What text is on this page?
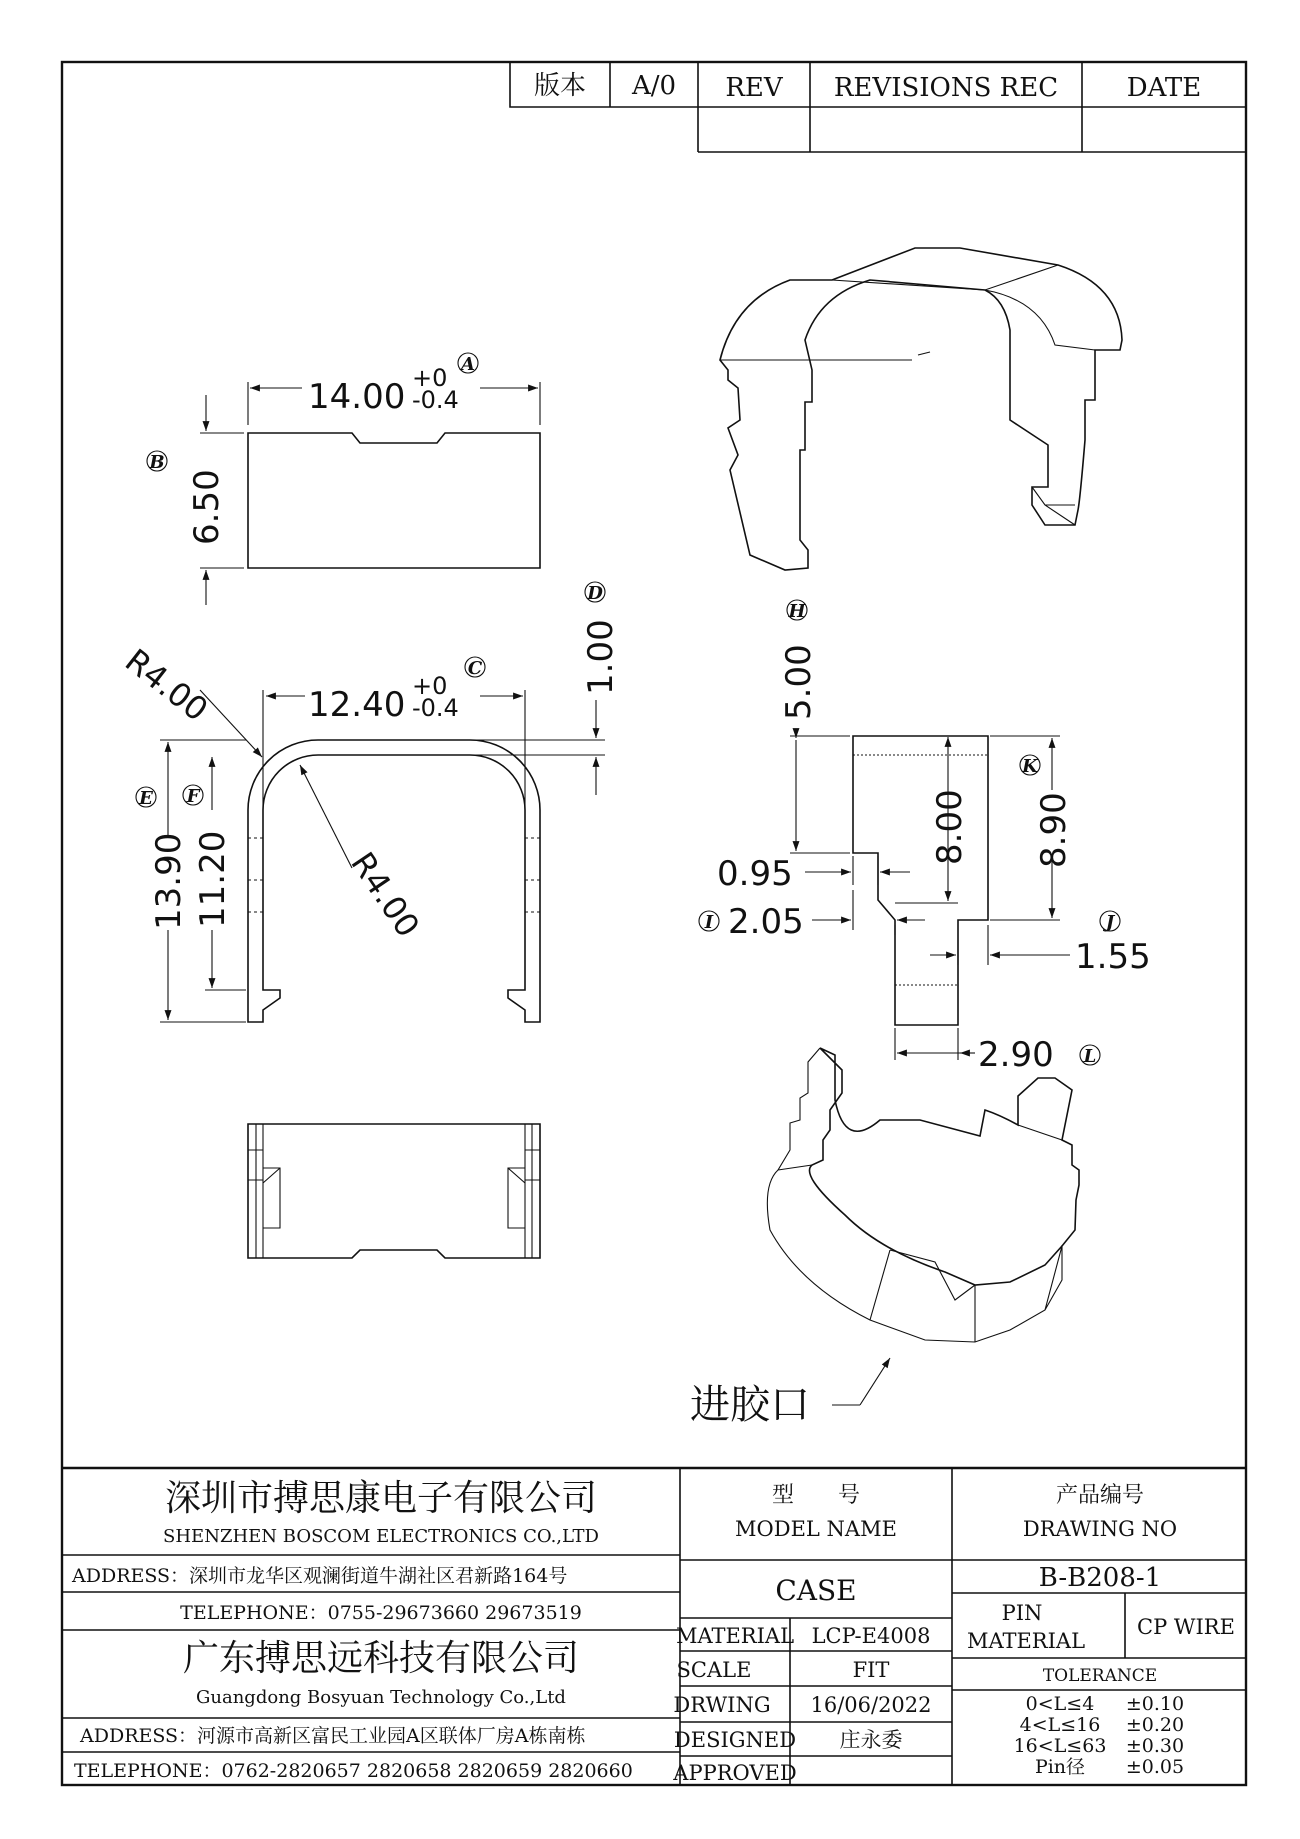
版本 A/0 REV REVISIONS REC	DATE
14.00 +0
-0.4
A
6.50
B
12.40 +0
-0.4
C	1.00
D
R4.00
R4.00
13.90
E
11.20
F
5.00
H
8.00 8.90
K
0.95
2.05
I
1.55
J
2.90 L
进胶口
深圳市搏思康电子有限公司
SHENZHEN BOSCOM ELECTRONICS CO.,LTD
ADDRESS：深圳市龙华区观澜街道牛湖社区君新路164号
TELEPHONE：0755-29673660 29673519
广东搏思远科技有限公司
Guangdong Bosyuan Technology Co.,Ltd
ADDRESS：河源市高新区富民工业园A区联体厂房A栋南栋
TELEPHONE：0762-2820657 2820658 2820659 2820660
型　　号
MODEL NAME
CASE
产品编号
DRAWING NO
B-B208-1
MATERIAL LCP-E4008
SCALE	FIT
DRWING 16/06/2022
DESIGNED 庄永委
APPROVED
PIN
MATERIAL
CP WIRE
TOLERANCE
0<L≤4 ±0.10
4<L≤16 ±0.20
16<L≤63 ±0.30
Pin径 ±0.05
